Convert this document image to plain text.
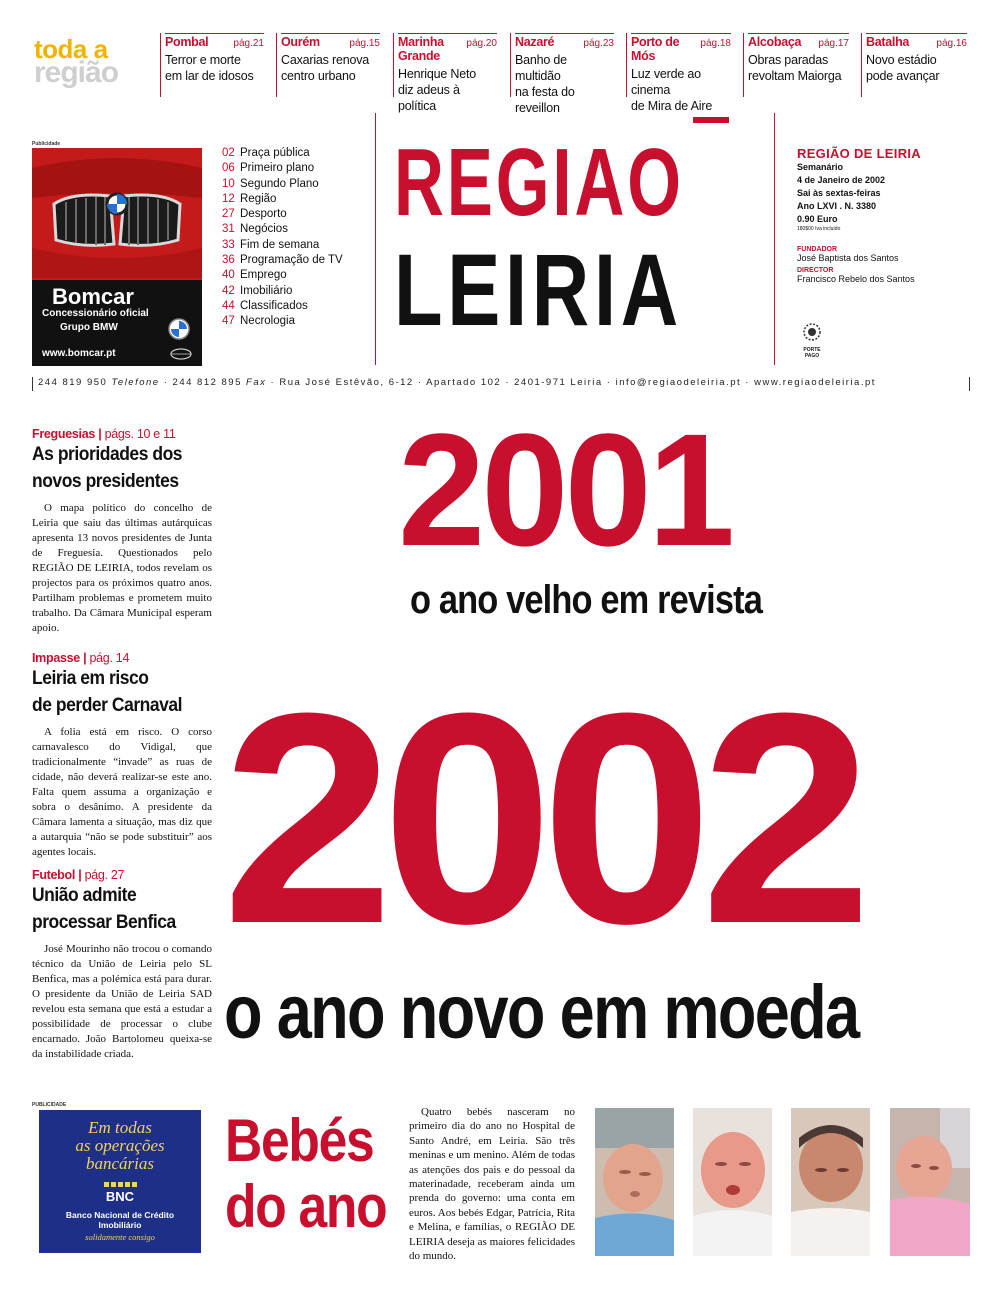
região
toda a	Pombal	pág.21
Terror e morte
em lar de idosos
Ourém	pág.15
Caxarias renova
centro urbano
Marinha Grande
pág.20
Henrique Neto
diz adeus à política
Nazaré	pág.23
Banho de multidão
na festa do reveillon
Porto de Mós
pág.18
Luz verde ao cinema
de Mira de Aire
Alcobaça pág.17
Obras paradas
revoltam Maiorga
Batalha	pág.16
Novo estádio
pode avançar
Publicidade
Bomcar
Concessionário oficial
Grupo BMW
www.bomcar.pt
02 Praça pública
06 Primeiro plano
10 Segundo Plano
12 Região
27 Desporto
31 Negócios
33 Fim de semana
36 Programação de TV
40 Emprego
42 Imobiliário
44 Classificados
47 Necrologia
REGIAO
LEIRIA
REGIÃO DE LEIRIA
Semanário
4 de Janeiro de 2002
Sai às sextas-feiras
Ano LXVI . N. 3380
0.90 Euro
180$00 Iva incluído
FUNDADOR
José Baptista dos Santos
DIRECTOR
Francisco Rebelo dos Santos
PORTE
PAGO
244 819 950 Telefone · 244 812 895 Fax · Rua José Estêvão, 6-12 · Apartado 102 · 2401-971 Leiria · info@regiaodeleiria.pt · www.regiaodeleiria.pt
Freguesias | págs. 10 e 11
As prioridades dos
novos presidentes
O mapa político do concelho de Leiria que saiu das últimas autárquicas apresenta 13 novos presidentes de Junta de Freguesia. Questionados pelo REGIÃO DE LEIRIA, todos revelam os projectos para os próximos quatro anos. Partilham problemas e prometem muito trabalho. Da Câmara Municipal esperam apoio.
Impasse | pág. 14
Leiria em risco
de perder Carnaval
A folia está em risco. O corso carnavalesco do Vidigal, que tradicionalmente “invade” as ruas de cidade, não deverá realizar-se este ano. Falta quem assuma a organização e sobra o desânimo. A presidente da Câmara lamenta a situação, mas diz que a autarquia “não se pode substituir” aos agentes locais.
Futebol | pág. 27
União admite
processar Benfica
José Mourinho não trocou o comando técnico da União de Leiria pelo SL Benfica, mas a polémica está para durar. O presidente da União de Leiria SAD revelou esta semana que está a estudar a possibilidade de processar o clube encarnado. João Bartolomeu queixa-se da instabilidade criada.
2001
o ano velho em revista
2002
o ano novo em moeda
PUBLICIDADE
Em todas
as operações
bancárias
BNC
Banco Nacional de Crédito
Imobiliário
solidamente consigo
Bebés
do ano
Quatro bebés nasceram no primeiro dia do ano no Hospital de Santo André, em Leiria. São três meninas e um menino. Além de todas as atenções dos pais e do pessoal da materinadade, receberam ainda um prenda do governo: uma conta em euros. Aos bebés Edgar, Patrícia, Rita e Melina, e famílias, o REGIÃO DE LEIRIA deseja as maiores felicidades do mundo.
